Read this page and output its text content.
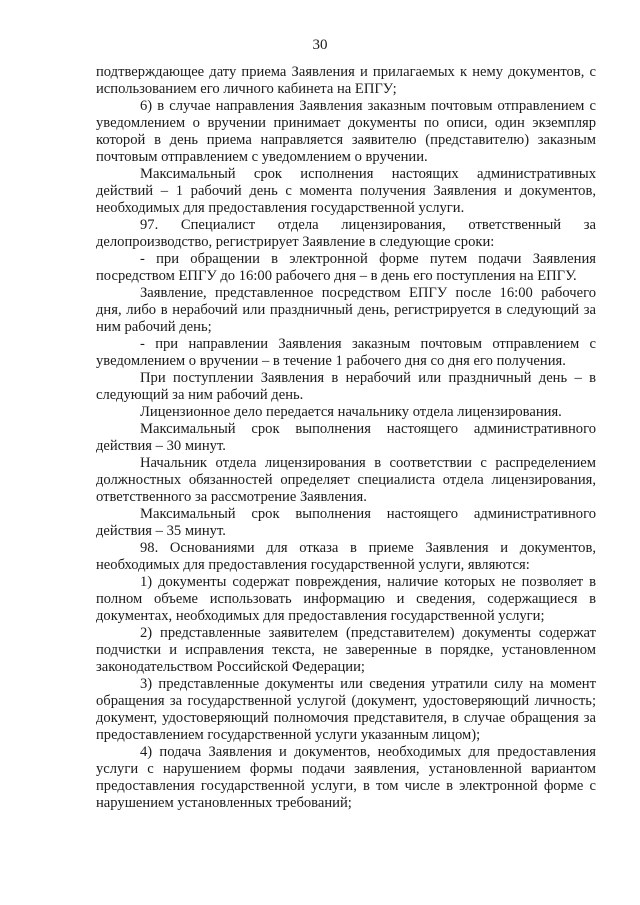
30

подтверждающее дату приема Заявления и прилагаемых к нему документов, с использованием его личного кабинета на ЕПГУ;

6) в случае направления Заявления заказным почтовым отправлением с уведомлением о вручении принимает документы по описи, один экземпляр которой в день приема направляется заявителю (представителю) заказным почтовым отправлением с уведомлением о вручении.

Максимальный срок исполнения настоящих административных действий – 1 рабочий день с момента получения Заявления и документов, необходимых для предоставления государственной услуги.

97. Специалист отдела лицензирования, ответственный за делопроизводство, регистрирует Заявление в следующие сроки:

- при обращении в электронной форме путем подачи Заявления посредством ЕПГУ до 16:00 рабочего дня – в день его поступления на ЕПГУ.

Заявление, представленное посредством ЕПГУ после 16:00 рабочего дня, либо в нерабочий или праздничный день, регистрируется в следующий за ним рабочий день;

- при направлении Заявления заказным почтовым отправлением с уведомлением о вручении – в течение 1 рабочего дня со дня его получения.

При поступлении Заявления в нерабочий или праздничный день – в следующий за ним рабочий день.

Лицензионное дело передается начальнику отдела лицензирования.

Максимальный срок выполнения настоящего административного действия – 30 минут.

Начальник отдела лицензирования в соответствии с распределением должностных обязанностей определяет специалиста отдела лицензирования, ответственного за рассмотрение Заявления.

Максимальный срок выполнения настоящего административного действия – 35 минут.

98. Основаниями для отказа в приеме Заявления и документов, необходимых для предоставления государственной услуги, являются:

1) документы содержат повреждения, наличие которых не позволяет в полном объеме использовать информацию и сведения, содержащиеся в документах, необходимых для предоставления государственной услуги;

2) представленные заявителем (представителем) документы содержат подчистки и исправления текста, не заверенные в порядке, установленном законодательством Российской Федерации;

3) представленные документы или сведения утратили силу на момент обращения за государственной услугой (документ, удостоверяющий личность; документ, удостоверяющий полномочия представителя, в случае обращения за предоставлением государственной услуги указанным лицом);

4) подача Заявления и документов, необходимых для предоставления услуги с нарушением формы подачи заявления, установленной вариантом предоставления государственной услуги, в том числе в электронной форме с нарушением установленных требований;
